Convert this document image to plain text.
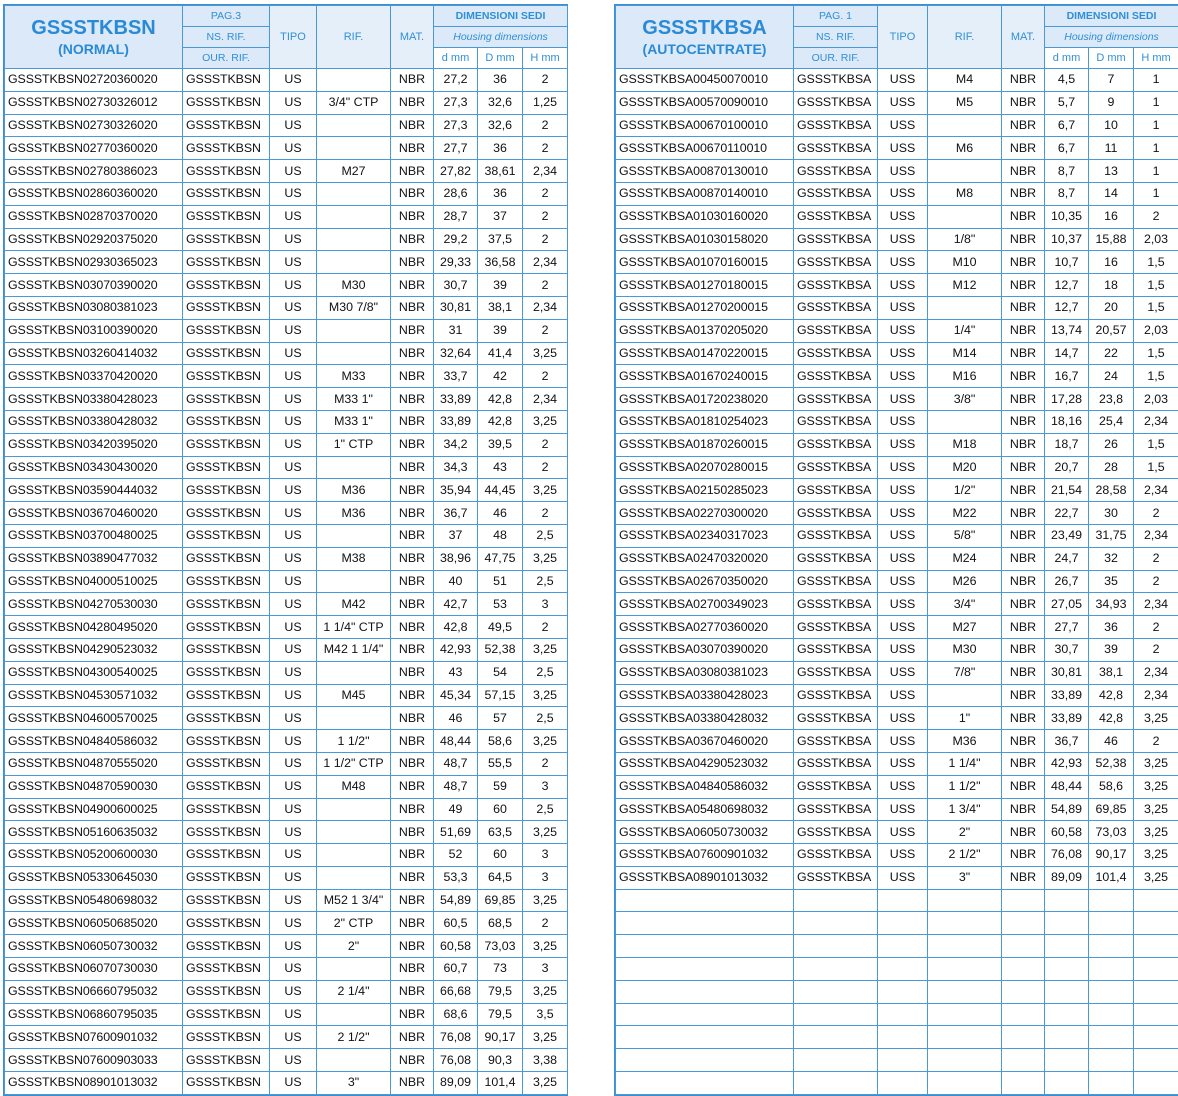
GSSSTKBSN
(NORMAL)	PAG.3	TIPO	RIF.	MAT.	DIMENSIONI SEDI		
	NS. RIF.				Housing dimensions		
	OUR. RIF.				d mm	D mm	H mm
GSSSTKBSN02720360020	GSSSTKBSN	US		NBR	27,2	36	2
GSSSTKBSN02730326012	GSSSTKBSN	US	3/4" CTP	NBR	27,3	32,6	1,25
GSSSTKBSN02730326020	GSSSTKBSN	US		NBR	27,3	32,6	2
GSSSTKBSN02770360020	GSSSTKBSN	US		NBR	27,7	36	2
GSSSTKBSN02780386023	GSSSTKBSN	US	M27	NBR	27,82	38,61	2,34
GSSSTKBSN02860360020	GSSSTKBSN	US		NBR	28,6	36	2
GSSSTKBSN02870370020	GSSSTKBSN	US		NBR	28,7	37	2
GSSSTKBSN02920375020	GSSSTKBSN	US		NBR	29,2	37,5	2
GSSSTKBSN02930365023	GSSSTKBSN	US		NBR	29,33	36,58	2,34
GSSSTKBSN03070390020	GSSSTKBSN	US	M30	NBR	30,7	39	2
GSSSTKBSN03080381023	GSSSTKBSN	US	M30 7/8"	NBR	30,81	38,1	2,34
GSSSTKBSN03100390020	GSSSTKBSN	US		NBR	31	39	2
GSSSTKBSN03260414032	GSSSTKBSN	US		NBR	32,64	41,4	3,25
GSSSTKBSN03370420020	GSSSTKBSN	US	M33	NBR	33,7	42	2
GSSSTKBSN03380428023	GSSSTKBSN	US	M33 1"	NBR	33,89	42,8	2,34
GSSSTKBSN03380428032	GSSSTKBSN	US	M33 1"	NBR	33,89	42,8	3,25
GSSSTKBSN03420395020	GSSSTKBSN	US	1" CTP	NBR	34,2	39,5	2
GSSSTKBSN03430430020	GSSSTKBSN	US		NBR	34,3	43	2
GSSSTKBSN03590444032	GSSSTKBSN	US	M36	NBR	35,94	44,45	3,25
GSSSTKBSN03670460020	GSSSTKBSN	US	M36	NBR	36,7	46	2
GSSSTKBSN03700480025	GSSSTKBSN	US		NBR	37	48	2,5
GSSSTKBSN03890477032	GSSSTKBSN	US	M38	NBR	38,96	47,75	3,25
GSSSTKBSN04000510025	GSSSTKBSN	US		NBR	40	51	2,5
GSSSTKBSN04270530030	GSSSTKBSN	US	M42	NBR	42,7	53	3
GSSSTKBSN04280495020	GSSSTKBSN	US	1 1/4" CTP	NBR	42,8	49,5	2
GSSSTKBSN04290523032	GSSSTKBSN	US	M42 1 1/4"	NBR	42,93	52,38	3,25
GSSSTKBSN04300540025	GSSSTKBSN	US		NBR	43	54	2,5
GSSSTKBSN04530571032	GSSSTKBSN	US	M45	NBR	45,34	57,15	3,25
GSSSTKBSN04600570025	GSSSTKBSN	US		NBR	46	57	2,5
GSSSTKBSN04840586032	GSSSTKBSN	US	1 1/2"	NBR	48,44	58,6	3,25
GSSSTKBSN04870555020	GSSSTKBSN	US	1 1/2" CTP	NBR	48,7	55,5	2
GSSSTKBSN04870590030	GSSSTKBSN	US	M48	NBR	48,7	59	3
GSSSTKBSN04900600025	GSSSTKBSN	US		NBR	49	60	2,5
GSSSTKBSN05160635032	GSSSTKBSN	US		NBR	51,69	63,5	3,25
GSSSTKBSN05200600030	GSSSTKBSN	US		NBR	52	60	3
GSSSTKBSN05330645030	GSSSTKBSN	US		NBR	53,3	64,5	3
GSSSTKBSN05480698032	GSSSTKBSN	US	M52 1 3/4"	NBR	54,89	69,85	3,25
GSSSTKBSN06050685020	GSSSTKBSN	US	2" CTP	NBR	60,5	68,5	2
GSSSTKBSN06050730032	GSSSTKBSN	US	2"	NBR	60,58	73,03	3,25
GSSSTKBSN06070730030	GSSSTKBSN	US		NBR	60,7	73	3
GSSSTKBSN06660795032	GSSSTKBSN	US	2 1/4"	NBR	66,68	79,5	3,25
GSSSTKBSN06860795035	GSSSTKBSN	US		NBR	68,6	79,5	3,5
GSSSTKBSN07600901032	GSSSTKBSN	US	2 1/2"	NBR	76,08	90,17	3,25
GSSSTKBSN07600903033	GSSSTKBSN	US		NBR	76,08	90,3	3,38
GSSSTKBSN08901013032	GSSSTKBSN	US	3"	NBR	89,09	101,4	3,25
GSSSTKBSA
(AUTOCENTRATE)	PAG. 1	TIPO	RIF.	MAT.	DIMENSIONI SEDI		
	NS. RIF.				Housing dimensions		
	OUR. RIF.				d mm	D mm	H mm
GSSSTKBSA00450070010	GSSSTKBSA	USS	M4	NBR	4,5	7	1
GSSSTKBSA00570090010	GSSSTKBSA	USS	M5	NBR	5,7	9	1
GSSSTKBSA00670100010	GSSSTKBSA	USS		NBR	6,7	10	1
GSSSTKBSA00670110010	GSSSTKBSA	USS	M6	NBR	6,7	11	1
GSSSTKBSA00870130010	GSSSTKBSA	USS		NBR	8,7	13	1
GSSSTKBSA00870140010	GSSSTKBSA	USS	M8	NBR	8,7	14	1
GSSSTKBSA01030160020	GSSSTKBSA	USS		NBR	10,35	16	2
GSSSTKBSA01030158020	GSSSTKBSA	USS	1/8"	NBR	10,37	15,88	2,03
GSSSTKBSA01070160015	GSSSTKBSA	USS	M10	NBR	10,7	16	1,5
GSSSTKBSA01270180015	GSSSTKBSA	USS	M12	NBR	12,7	18	1,5
GSSSTKBSA01270200015	GSSSTKBSA	USS		NBR	12,7	20	1,5
GSSSTKBSA01370205020	GSSSTKBSA	USS	1/4"	NBR	13,74	20,57	2,03
GSSSTKBSA01470220015	GSSSTKBSA	USS	M14	NBR	14,7	22	1,5
GSSSTKBSA01670240015	GSSSTKBSA	USS	M16	NBR	16,7	24	1,5
GSSSTKBSA01720238020	GSSSTKBSA	USS	3/8"	NBR	17,28	23,8	2,03
GSSSTKBSA01810254023	GSSSTKBSA	USS		NBR	18,16	25,4	2,34
GSSSTKBSA01870260015	GSSSTKBSA	USS	M18	NBR	18,7	26	1,5
GSSSTKBSA02070280015	GSSSTKBSA	USS	M20	NBR	20,7	28	1,5
GSSSTKBSA02150285023	GSSSTKBSA	USS	1/2"	NBR	21,54	28,58	2,34
GSSSTKBSA02270300020	GSSSTKBSA	USS	M22	NBR	22,7	30	2
GSSSTKBSA02340317023	GSSSTKBSA	USS	5/8"	NBR	23,49	31,75	2,34
GSSSTKBSA02470320020	GSSSTKBSA	USS	M24	NBR	24,7	32	2
GSSSTKBSA02670350020	GSSSTKBSA	USS	M26	NBR	26,7	35	2
GSSSTKBSA02700349023	GSSSTKBSA	USS	3/4"	NBR	27,05	34,93	2,34
GSSSTKBSA02770360020	GSSSTKBSA	USS	M27	NBR	27,7	36	2
GSSSTKBSA03070390020	GSSSTKBSA	USS	M30	NBR	30,7	39	2
GSSSTKBSA03080381023	GSSSTKBSA	USS	7/8"	NBR	30,81	38,1	2,34
GSSSTKBSA03380428023	GSSSTKBSA	USS		NBR	33,89	42,8	2,34
GSSSTKBSA03380428032	GSSSTKBSA	USS	1"	NBR	33,89	42,8	3,25
GSSSTKBSA03670460020	GSSSTKBSA	USS	M36	NBR	36,7	46	2
GSSSTKBSA04290523032	GSSSTKBSA	USS	1 1/4"	NBR	42,93	52,38	3,25
GSSSTKBSA04840586032	GSSSTKBSA	USS	1 1/2"	NBR	48,44	58,6	3,25
GSSSTKBSA05480698032	GSSSTKBSA	USS	1 3/4"	NBR	54,89	69,85	3,25
GSSSTKBSA06050730032	GSSSTKBSA	USS	2"	NBR	60,58	73,03	3,25
GSSSTKBSA07600901032	GSSSTKBSA	USS	2 1/2"	NBR	76,08	90,17	3,25
GSSSTKBSA08901013032	GSSSTKBSA	USS	3"	NBR	89,09	101,4	3,25
